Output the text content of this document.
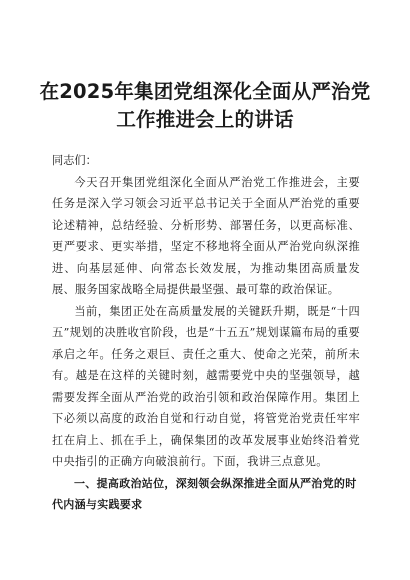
在2025年集团党组深化全面从严治党
工作推进会上的讲话

同志们：

今天召开集团党组深化全面从严治党工作推进会，主要任务是深入学习领会习近平总书记关于全面从严治党的重要论述精神，总结经验、分析形势、部署任务，以更高标准、更严要求、更实举措，坚定不移地将全面从严治党向纵深推进、向基层延伸、向常态长效发展，为推动集团高质量发展、服务国家战略全局提供最坚强、最可靠的政治保证。

当前，集团正处在高质量发展的关键跃升期，既是“十四五”规划的决胜收官阶段，也是“十五五”规划谋篇布局的重要承启之年。任务之艰巨、责任之重大、使命之光荣，前所未有。越是在这样的关键时刻，越需要党中央的坚强领导，越需要发挥全面从严治党的政治引领和政治保障作用。集团上下必须以高度的政治自觉和行动自觉，将管党治党责任牢牢扛在肩上、抓在手上，确保集团的改革发展事业始终沿着党中央指引的正确方向破浪前行。下面，我讲三点意见。

一、提高政治站位，深刻领会纵深推进全面从严治党的时代内涵与实践要求
